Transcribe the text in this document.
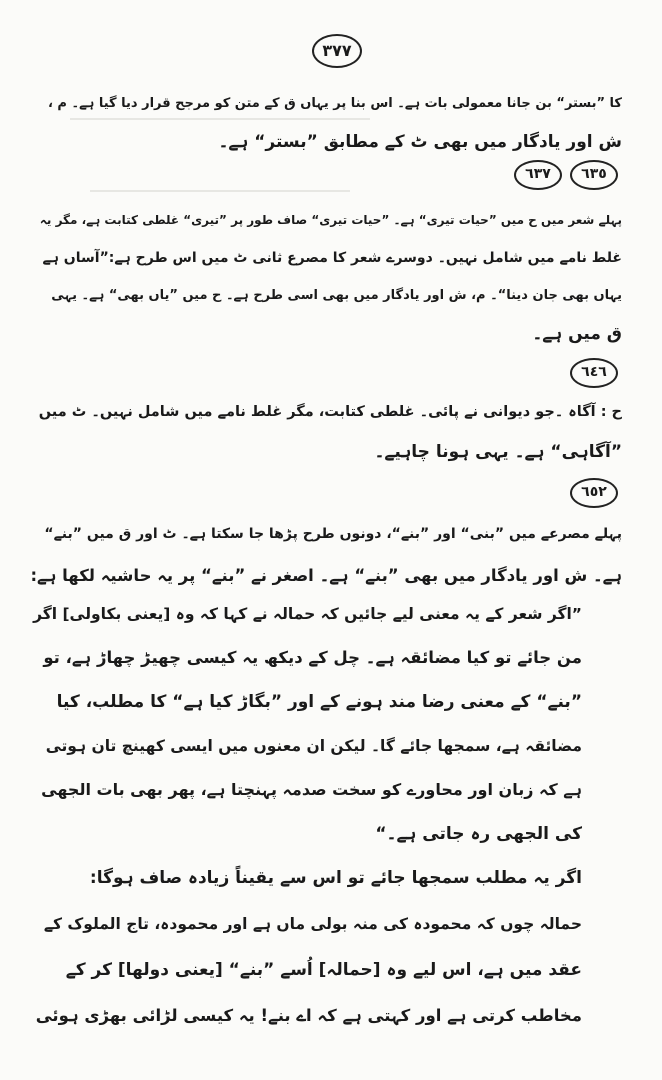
٣٧٧
کا ”بستر“ بن جانا معمولی بات ہے۔ اس بنا پر یہاں ق کے متن کو مرجح قرار دیا گیا ہے۔ م ،
ش اور یادگار میں بھی ٹ کے مطابق ”بستر“ ہے۔
٦٣٥
٦٣٧
پہلے شعر میں ح میں ”حیات تیری“ ہے۔ ”حیات تیری“ صاف طور پر ”تیری“ غلطی کتابت ہے، مگر یہ
غلط نامے میں شامل نہیں۔ دوسرے شعر کا مصرع ثانی ٹ میں اس طرح ہے:”آساں ہے
یہاں بھی جان دینا“۔ م، ش اور یادگار میں بھی اسی طرح ہے۔ ح میں ”یاں بھی“ ہے۔ یہی
ق میں ہے۔
٦٤٦
ح : آگاہ ۔جو دیوانی نے پائی۔ غلطی کتابت، مگر غلط نامے میں شامل نہیں۔ ٹ میں
”آگاہی“ ہے۔ یہی ہونا چاہیے۔
٦٥٢
پہلے مصرعے میں ”بنی“ اور ”بنے“، دونوں طرح پڑھا جا سکتا ہے۔ ٹ اور ق میں ”بنے“
ہے۔ ش اور یادگار میں بھی ”بنے“ ہے۔ اصغر نے ”بنے“ پر یہ حاشیہ لکھا ہے:
”اگر شعر کے یہ معنی لیے جائیں کہ حمالہ نے کہا کہ وہ [یعنی بکاولی] اگر
من جائے تو کیا مضائقہ ہے۔ چل کے دیکھ یہ کیسی چھیڑ چھاڑ ہے، تو
”بنے“ کے معنی رضا مند ہونے کے اور ”بگاڑ کیا ہے“ کا مطلب، کیا
مضائقہ ہے، سمجھا جائے گا۔ لیکن ان معنوں میں ایسی کھینچ تان ہوتی
ہے کہ زبان اور محاورے کو سخت صدمہ پہنچتا ہے، پھر بھی بات الجھی
کی الجھی رہ جاتی ہے۔“
اگر یہ مطلب سمجھا جائے تو اس سے یقیناً زیادہ صاف ہوگا:
حمالہ چوں کہ محمودہ کی منہ بولی ماں ہے اور محمودہ، تاج الملوک کے
عقد میں ہے، اس لیے وہ [حمالہ] اُسے ”بنے“ [یعنی دولھا] کر کے
مخاطب کرتی ہے اور کہتی ہے کہ اے بنے! یہ کیسی لڑائی بھڑی ہوئی
